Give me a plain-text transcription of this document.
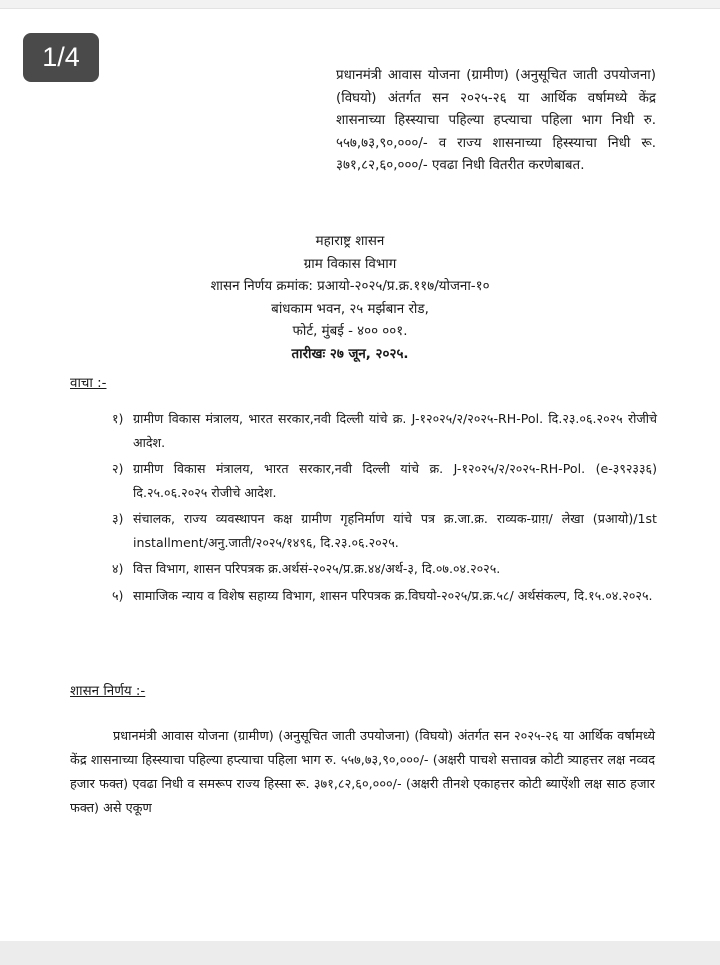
1/4
प्रधानमंत्री आवास योजना (ग्रामीण) (अनुसूचित जाती उपयोजना) (विघयो) अंतर्गत सन २०२५-२६ या आर्थिक वर्षामध्ये केंद्र शासनाच्या हिस्स्याचा पहिल्या हप्त्याचा पहिला भाग निधी रु. ५५७,७३,९०,०००/- व राज्य शासनाच्या हिस्स्याचा निधी रू. ३७१,८२,६०,०००/- एवढा निधी वितरीत करणेबाबत.
महाराष्ट्र शासन
ग्राम विकास विभाग
शासन निर्णय क्रमांक: प्रआयो-२०२५/प्र.क्र.११७/योजना-१०
बांधकाम भवन, २५ मर्झबान रोड,
फोर्ट, मुंबई - ४०० ००१.
तारीखः २७ जून, २०२५.
वाचा :-
१) ग्रामीण विकास मंत्रालय, भारत सरकार,नवी दिल्ली यांचे क्र. J-१२०२५/२/२०२५-RH-Pol. दि.२३.०६.२०२५ रोजीचे आदेश.
२) ग्रामीण विकास मंत्रालय, भारत सरकार,नवी दिल्ली यांचे क्र. J-१२०२५/२/२०२५-RH-Pol. (e-३९२३३६) दि.२५.०६.२०२५ रोजीचे आदेश.
३) संचालक, राज्य व्यवस्थापन कक्ष ग्रामीण गृहनिर्माण यांचे पत्र क्र.जा.क्र. राव्यक-ग्राग़/ लेखा (प्रआयो)/1st installment/अनु.जाती/२०२५/१४९६, दि.२३.०६.२०२५.
४) वित्त विभाग, शासन परिपत्रक क्र.अर्थसं-२०२५/प्र.क्र.४४/अर्थ-३, दि.०७.०४.२०२५.
५) सामाजिक न्याय व विशेष सहाय्य विभाग, शासन परिपत्रक क्र.विघयो-२०२५/प्र.क्र.५८/ अर्थसंकल्प, दि.१५.०४.२०२५.
शासन निर्णय :-
प्रधानमंत्री आवास योजना (ग्रामीण) (अनुसूचित जाती उपयोजना) (विघयो) अंतर्गत सन २०२५-२६ या आर्थिक वर्षामध्ये केंद्र शासनाच्या हिस्स्याचा पहिल्या हप्त्याचा पहिला भाग रु. ५५७,७३,९०,०००/- (अक्षरी पाचशे सत्तावन्न कोटी त्र्याहत्तर लक्ष नव्वद हजार फक्त) एवढा निधी व समरूप राज्य हिस्सा रू. ३७१,८२,६०,०००/- (अक्षरी तीनशे एकाहत्तर कोटी ब्याऐंशी लक्ष साठ हजार फक्त) असे एकूण
